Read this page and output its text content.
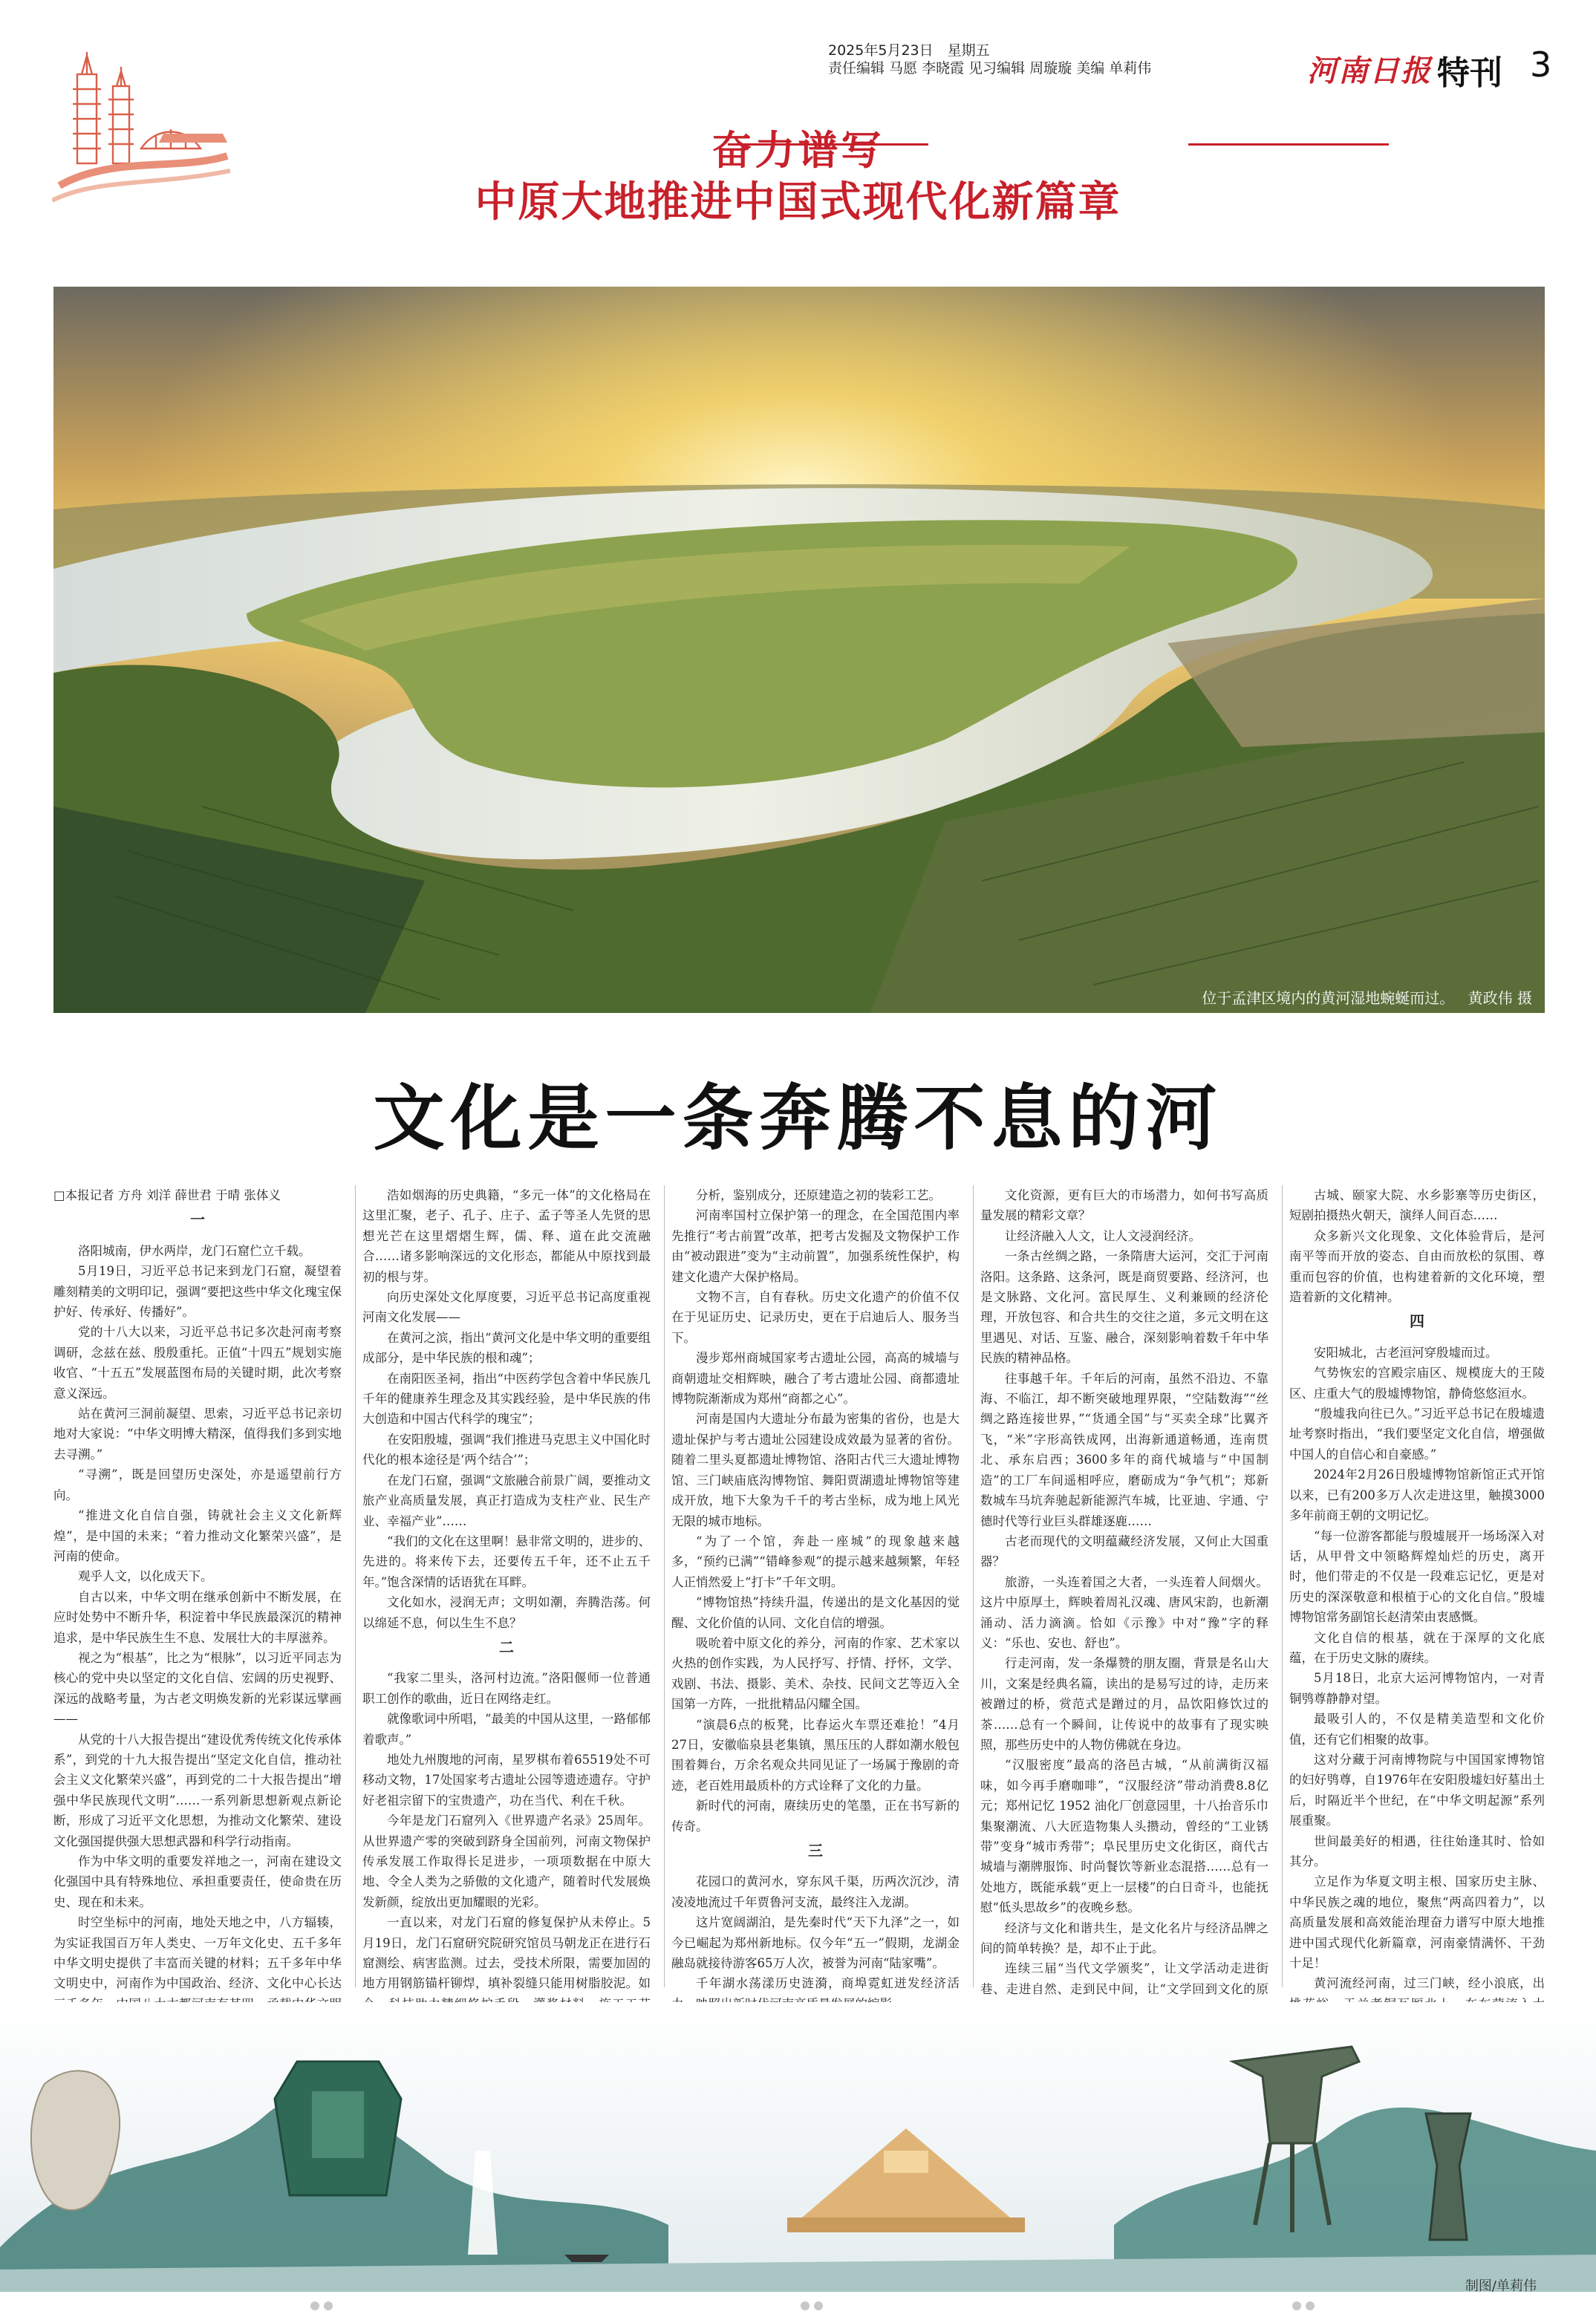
2025年5月23日　星期五
责任编辑 马愿 李晓霞 见习编辑 周璇璇 美编 单莉伟	河南日报 特刊 3
奋力谱写
中原大地推进中国式现代化新篇章
位于孟津区境内的黄河湿地蜿蜒而过。 黄政伟 摄
文化是一条奔腾不息的河

□本报记者 方舟 刘洋 薛世君 于晴 张体义

一

洛阳城南，伊水两岸，龙门石窟伫立千载。

5月19日，习近平总书记来到龙门石窟，凝望着雕刻精美的文明印记，强调“要把这些中华文化瑰宝保护好、传承好、传播好”。

党的十八大以来，习近平总书记多次赴河南考察调研，念兹在兹、殷殷重托。正值“十四五”规划实施收官、“十五五”发展蓝图布局的关键时期，此次考察意义深远。

站在黄河三洞前凝望、思索，习近平总书记亲切地对大家说：“中华文明博大精深，值得我们多到实地去寻溯。”

“寻溯”，既是回望历史深处，亦是遥望前行方向。

“推进文化自信自强，铸就社会主义文化新辉煌”，是中国的未来；“着力推动文化繁荣兴盛”，是河南的使命。

观乎人文，以化成天下。

自古以来，中华文明在继承创新中不断发展，在应时处势中不断升华，积淀着中华民族最深沉的精神追求，是中华民族生生不息、发展壮大的丰厚滋养。

视之为“根基”，比之为“根脉”，以习近平同志为核心的党中央以坚定的文化自信、宏阔的历史视野、深远的战略考量，为古老文明焕发新的光彩谋远擘画——

从党的十八大报告提出“建设优秀传统文化传承体系”，到党的十九大报告提出“坚定文化自信，推动社会主义文化繁荣兴盛”，再到党的二十大报告提出“增强中华民族现代文明”……一系列新思想新观点新论断，形成了习近平文化思想，为推动文化繁荣、建设文化强国提供强大思想武器和科学行动指南。

作为中华文明的重要发祥地之一，河南在建设文化强国中具有特殊地位、承担重要责任，使命贵在历史、现在和未来。

时空坐标中的河南，地处天地之中，八方辐辏，为实证我国百万年人类史、一万年文化史、五千多年中华文明史提供了丰富而关键的材料；五千多年中华文明史中，河南作为中国政治、经济、文化中心长达

浩如烟海的历史典籍，“多元一体”的文化格局在这里汇聚，老子、孔子、庄子、孟子等圣人先贤的思想光芒在这里熠熠生辉，儒、释、道在此交流融合……诸多影响深远的文化形态，都能从中原找到最初的根与芽。

向历史深处文化厚度要，习近平总书记高度重视河南文化发展——

在黄河之滨，指出“黄河文化是中华文明的重要组成部分，是中华民族的根和魂”；

在南阳医圣祠，指出“中医药学包含着中华民族几千年的健康养生理念及其实践经验，是中华民族的伟大创造和中国古代科学的瑰宝”；

在安阳殷墟，强调“我们推进马克思主义中国化时代化的根本途径是‘两个结合’”；

在龙门石窟，强调“文旅融合前景广阔，要推动文旅产业高质量发展，真正打造成为支柱产业、民生产业、幸福产业”……

“我们的文化在这里啊！悬非常文明的，进步的、先进的。将来传下去，还要传五千年，还不止五千年。”饱含深情的话语犹在耳畔。

文化如水，浸润无声；文明如潮，奔腾浩荡。何以绵延不息，何以生生不息？

二

“我家二里头，洛河村边流。”洛阳偃师一位普通职工创作的歌曲，近日在网络走红。

就像歌词中所唱，“最美的中国从这里，一路郁郁着歌声。”

地处九州腹地的河南，星罗棋布着65519处不可移动文物，17处国家考古遗址公园等遗迹遗存。守护好老祖宗留下的宝贵遗产，功在当代、利在千秋。

今年是龙门石窟列入《世界遗产名录》25周年。从世界遗产零的突破到跻身全国前列，河南文物保护传承发展工作取得长足进步，一项项数据在中原大地、令全人类为之骄傲的文化遗产，随着时代发展焕发新颜，绽放出更加耀眼的光彩。

一直以来，对龙门石窟的修复保护从未停止。5月19日，龙门石窟研究院研究馆员马朝龙正在进行石窟测绘、病害监测。过去，受技术所限，需要加固的地方用钢筋锚杆铆焊，填补裂缝只能用树脂胶泥。如

分析，鉴别成分，还原建造之初的装彩工艺。

河南率国村立保护第一的理念，在全国范围内率先推行“考古前置”改革，把考古发掘及文物保护工作由“被动跟进”变为“主动前置”，加强系统性保护，构建文化遗产大保护格局。

文物不言，自有春秋。历史文化遗产的价值不仅在于见证历史、记录历史，更在于启迪后人、服务当下。

漫步郑州商城国家考古遗址公园，高高的城墙与商朝遗址交相辉映，融合了考古遗址公园、商都遗址博物院渐渐成为郑州“商都之心”。

河南是国内大遗址分布最为密集的省份，也是大遗址保护与考古遗址公园建设成效最为显著的省份。随着二里头夏都遗址博物馆、洛阳古代三大遗址博物馆、三门峡庙底沟博物馆、舞阳贾湖遗址博物馆等建成开放，地下大象为千千的考古坐标，成为地上风光无限的城市地标。

“为了一个馆，奔赴一座城”的现象越来越多，“预约已满”“错峰参观”的提示越来越频繁，年轻人正悄然爱上“打卡”千年文明。

“博物馆热”持续升温，传递出的是文化基因的觉醒、文化价值的认同、文化自信的增强。

吸吮着中原文化的养分，河南的作家、艺术家以火热的创作实践，为人民抒写、抒情、抒怀，文学、戏剧、书法、摄影、美术、杂技、民间文艺等迈入全国第一方阵，一批批精品闪耀全国。

“演晨6点的板凳，比春运火车票还难抢！”4月27日，安徽临泉县老集镇，黑压压的人群如潮水般包围着舞台，万余名观众共同见证了一场属于豫剧的奇迹，老百姓用最质朴的方式诠释了文化的力量。

新时代的河南，赓续历史的笔墨，正在书写新的传奇。

三

花园口的黄河水，穿东风千渠，历两次沉沙，清凌凌地流过千年贾鲁河支流，最终注入龙湖。

这片宽阔湖泊，是先秦时代“天下九泽”之一，如今已崛起为郑州新地标。仅今年“五一”假期，龙湖金融岛就接待游客65万人次，被誉为河南“陆家嘴”。

千年湖水荡漾历史涟漪，商埠霓虹迸发经济活

文化资源，更有巨大的市场潜力，如何书写高质量发展的精彩文章？

让经济融入人文，让人文浸润经济。

一条古丝绸之路，一条隋唐大运河，交汇于河南洛阳。这条路、这条河，既是商贸要路、经济河，也是文脉路、文化河。富民厚生、义利兼顾的经济伦理，开放包容、和合共生的交往之道，多元文明在这里遇见、对话、互鉴、融合，深刻影响着数千年中华民族的精神品格。

往事越千年。千年后的河南，虽然不沿边、不靠海、不临江，却不断突破地理界限，“空陆数海”“丝绸之路连接世界，”“货通全国”与“买卖全球”比翼齐飞，“米”字形高铁成网，出海新通道畅通，连南贯北、承东启西；3600多年的商代城墙与“中国制造”的工厂车间遥相呼应，磨砺成为“争气机”；郑新数城车马坑奔驰起新能源汽车城，比亚迪、宇通、宁德时代等行业巨头群雄逐鹿……

古老而现代的文明蕴藏经济发展，又何止大国重器？

旅游，一头连着国之大者，一头连着人间烟火。这片中原厚土，辉映着周礼汉魂、唐风宋韵，也新潮涌动、活力滴滴。恰如《示豫》中对“豫”字的释义：“乐也、安也、舒也”。

行走河南，发一条爆赞的朋友圈，背景是名山大川，文案是经典名篇，读出的是易写过的诗，走历来被蹭过的桥，赏范式是蹭过的月，品饮阳修饮过的茶……总有一个瞬间，让传说中的故事有了现实映照，那些历史中的人物仿佛就在身边。

“汉服密度”最高的洛邑古城，“从前满街汉福味，如今再手磨咖啡”，“汉服经济”带动消费8.8亿元；郑州记忆 1952 油化厂创意园里，十八抬音乐巾集聚潮流、八大匠造物集人头攒动，曾经的“工业锈带”变身“城市秀带”；阜民里历史文化街区，商代古城墙与潮牌服饰、时尚餐饮等新业态混搭……总有一处地方，既能承载“更上一层楼”的白日奇斗，也能抚慰“低头思故乡”的夜晚乡愁。

经济与文化和谐共生，是文化名片与经济品牌之间的简单转换？是，却不止于此。

连续三届“当代文学颁奖”，让文学活动走进街巷、走进自然、走到民中间，让“文学回到文化的原

古城、颐家大院、水乡影寨等历史街区，短剧拍摄热火朝天，演绎人间百态……

众多新兴文化现象、文化体验背后，是河南平等而开放的姿态、自由而放松的氛围、尊重而包容的价值，也构建着新的文化环境，塑造着新的文化精神。

四

安阳城北，古老洹河穿殷墟而过。

气势恢宏的宫殿宗庙区、规模庞大的王陵区、庄重大气的殷墟博物馆，静倚悠悠洹水。

“殷墟我向往已久。”习近平总书记在殷墟遗址考察时指出，“我们要坚定文化自信，增强做中国人的自信心和自豪感。”

2024年2月26日殷墟博物馆新馆正式开馆以来，已有200多万人次走进这里，触摸3000多年前商王朝的文明记忆。

“每一位游客都能与殷墟展开一场场深入对话，从甲骨文中领略辉煌灿烂的历史，离开时，他们带走的不仅是一段难忘记忆，更是对历史的深深敬意和根植于心的文化自信。”殷墟博物馆常务副馆长赵清荣由衷感慨。

文化自信的根基，就在于深厚的文化底蕴，在于历史文脉的赓续。

5月18日，北京大运河博物馆内，一对青铜鸮尊静静对望。

最吸引人的，不仅是精美造型和文化价值，还有它们相聚的故事。

这对分藏于河南博物院与中国国家博物馆的妇好鸮尊，自1976年在安阳殷墟妇好墓出土后，时隔近半个世纪，在“中华文明起源”系列展重聚。

世间最美好的相遇，往往始逢其时、恰如其分。

立足作为华夏文明主根、国家历史主脉、中华民族之魂的地位，聚焦“两高四着力”，以高质量发展和高效能治理奋力谱写中原大地推进中国式现代化新篇章，河南豪情满怀、干劲十足！

黄河流经河南，过三门峡，经小浪底，出

制图/单莉伟
